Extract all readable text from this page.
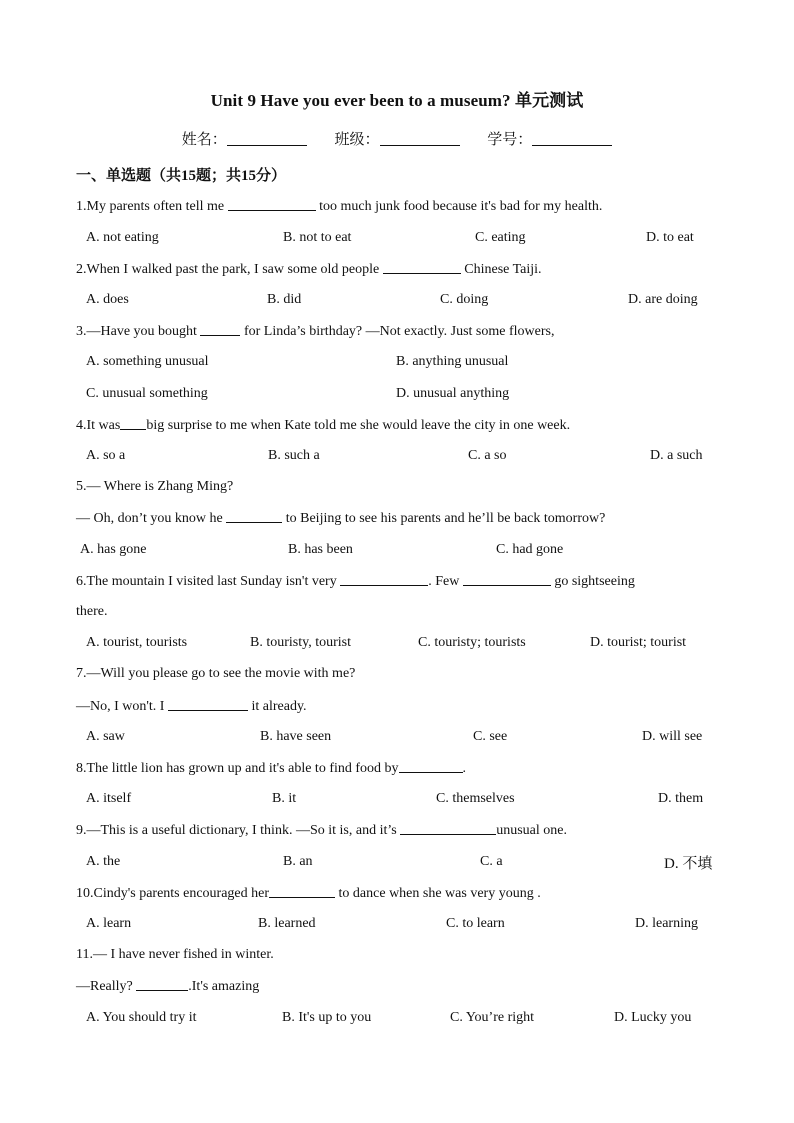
Unit 9 Have you ever been to a museum? 单元测试
姓名：	班级：	学号：
一、单选题（共15题；共15分）
1.My parents often tell me	too much junk food because it's bad for my health.
A. not eating	B. not to eat	C. eating	D. to eat
2.When I walked past the park, I saw some old people	Chinese Taiji.
A. does	B. did	C. doing	D. are doing
3.—Have you bought	for Linda’s birthday? —Not exactly. Just some flowers,
A. something unusual	B. anything unusual
C. unusual something	D. unusual anything
4.It was big surprise to me when Kate told me she would leave the city in one week.
A. so a	B. such a	C. a so	D. a such
5.— Where is Zhang Ming?
— Oh, don’t you know he	to Beijing to see his parents and he’ll be back tomorrow?
A. has gone	B. has been	C. had gone
6.The mountain I visited last Sunday isn't very	. Few	go sightseeing
there.
A. tourist, tourists	B. touristy, tourist	C. touristy; tourists	D. tourist; tourist
7.—Will you please go to see the movie with me?
—No, I won't. I	it already.
A. saw	B. have seen	C. see	D. will see
8.The little lion has grown up and it's able to find food by	.
A. itself	B. it	C. themselves	D. them
9.—This is a useful dictionary, I think. —So it is, and it’s	unusual one.
A. the	B. an	C. a	D. 不填
10.Cindy's parents encouraged her	to dance when she was very young .
A. learn	B. learned	C. to learn	D. learning
11.— I have never fished in winter.
—Really?	.It's amazing
A. You should try it	B. It's up to you	C. You’re right	D. Lucky you
